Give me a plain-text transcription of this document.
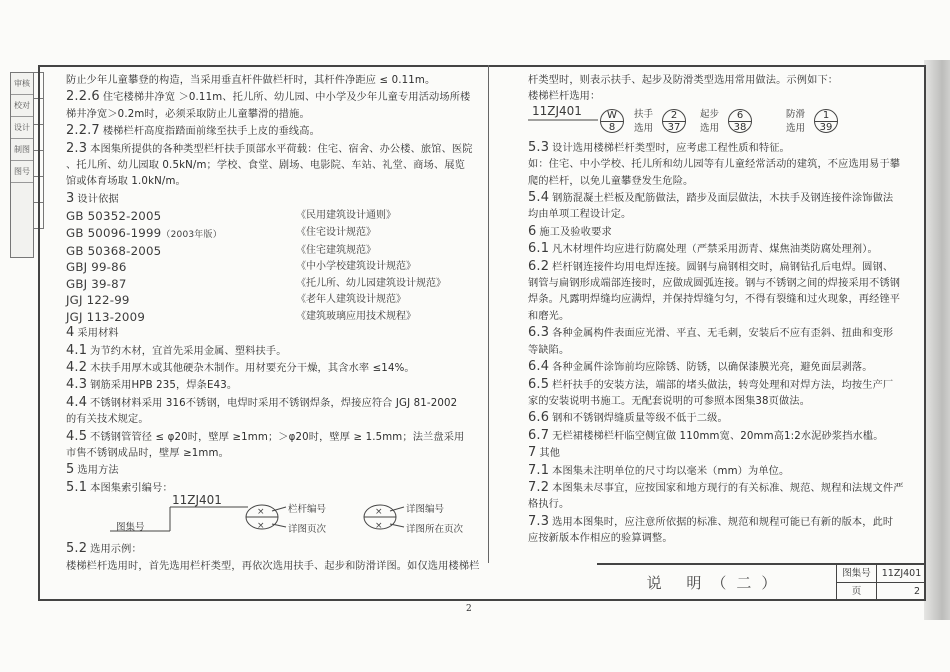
审核
校对
设计
制图
图号
防止少年儿童攀登的构造，当采用垂直杆件做栏杆时，其杆件净距应 ≤ 0.11m。
2.2.6 住宅楼梯井净宽 ＞0.11m、托儿所、幼儿园、中小学及少年儿童专用活动场所楼
梯井净宽＞0.2m时，必须采取防止儿童攀滑的措施。
2.2.7 楼梯栏杆高度指踏面前缘至扶手上皮的垂线高。
2.3 本图集所提供的各种类型栏杆扶手顶部水平荷载：住宅、宿舍、办公楼、旅馆、医院
、托儿所、幼儿园取 0.5kN/m；学校、食堂、剧场、电影院、车站、礼堂、商场、展览
馆或体育场取 1.0kN/m。
3 设计依据
GB 50352-2005	《民用建筑设计通则》
GB 50096-1999（2003年版）	《住宅设计规范》
GB 50368-2005	《住宅建筑规范》
GBJ 99-86	《中小学校建筑设计规范》
GBJ 39-87	《托儿所、幼儿园建筑设计规范》
JGJ 122-99	《老年人建筑设计规范》
JGJ 113-2009	《建筑玻璃应用技术规程》
4 采用材料
4.1 为节约木材，宜首先采用金属、塑料扶手。
4.2 木扶手用厚木或其他硬杂木制作。用材要充分干燥，其含水率 ≤14%。
4.3 钢筋采用HPB 235，焊条E43。
4.4 不锈钢材料采用 316不锈钢，电焊时采用不锈钢焊条，焊接应符合 JGJ 81-2002
的有关技术规定。
4.5 不锈钢管管径 ≤ φ20时，壁厚 ≥1mm；＞φ20时，壁厚 ≥ 1.5mm；法兰盘采用
市售不锈钢成品时，壁厚 ≥1mm。
5 选用方法
5.1 本图集索引编号：
×
×
×
×
11ZJ401
栏杆编号
详图页次
图集号
详图编号
详图所在页次
5.2 选用示例：
楼梯栏杆选用时，首先选用栏杆类型，再依次选用扶手、起步和防滑详图。如仅选用楼梯栏
杆类型时，则表示扶手、起步及防滑类型选用常用做法。示例如下：
楼梯栏杆选用：
11ZJ401	W
8
扶手
选用
2
37
起步
选用
6
38
防滑
选用
1
39
5.3 设计选用楼梯栏杆类型时，应考虑工程性质和特征。
如：住宅、中小学校、托儿所和幼儿园等有儿童经常活动的建筑，不应选用易于攀
爬的栏杆，以免儿童攀登发生危险。
5.4 钢筋混凝土栏板及配筋做法，踏步及面层做法，木扶手及钢连接件涂饰做法
均由单项工程设计定。
6 施工及验收要求
6.1 凡木材埋件均应进行防腐处理（严禁采用沥青、煤焦油类防腐处理剂）。
6.2 栏杆钢连接件均用电焊连接。圆钢与扁钢相交时，扁钢钻孔后电焊。圆钢、
钢管与扁钢形成端部连接时，应做成圆弧连接。钢与不锈钢之间的焊接采用不锈钢
焊条。凡露明焊缝均应满焊，并保持焊缝匀匀，不得有裂缝和过火现象，再经锉平
和磨光。
6.3 各种金属构件表面应光滑、平直、无毛刺，安装后不应有歪斜、扭曲和变形
等缺陷。
6.4 各种金属件涂饰前均应除锈、防锈，以确保漆膜光亮，避免面层剥落。
6.5 栏杆扶手的安装方法，端部的堵头做法，转弯处理和对焊方法，均按生产厂
家的安装说明书施工。无配套说明的可参照本图集38页做法。
6.6 钢和不锈钢焊缝质量等级不低于二级。
6.7 无栏裙楼梯栏杆临空侧宜做 110mm宽、20mm高1:2水泥砂浆挡水槛。
7 其他
7.1 本图集未注明单位的尺寸均以毫米（mm）为单位。
7.2 本图集未尽事宜，应按国家和地方现行的有关标准、规范、规程和法规文件严
格执行。
7.3 选用本图集时，应注意所依据的标准、规范和规程可能已有新的版本，此时
应按新版本作相应的验算调整。
说 明（二）
图集号	11ZJ401
页	2
2
